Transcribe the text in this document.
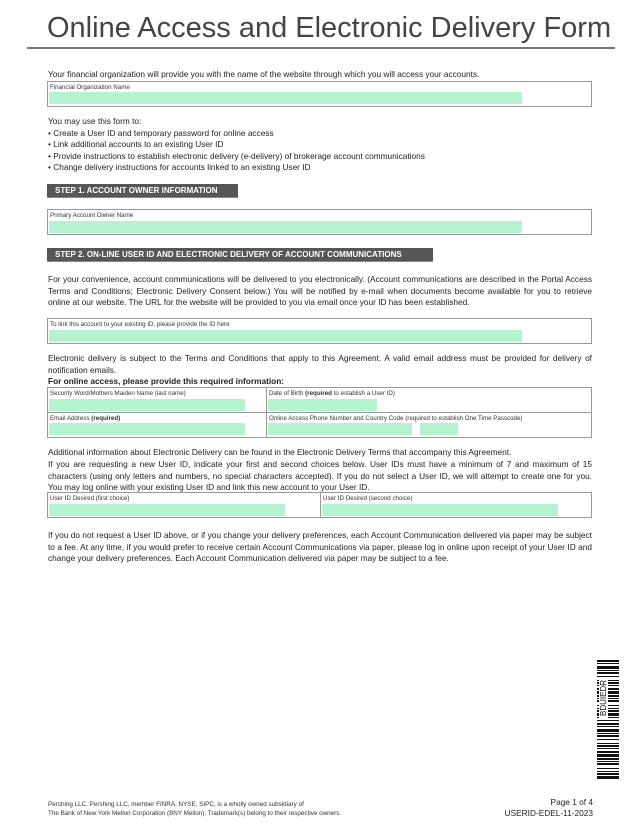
Online Access and Electronic Delivery Form

Your financial organization will provide you with the name of the website through which you will access your accounts.

Financial Organization Name

You may use this form to:

• Create a User ID and temporary password for online access
• Link additional accounts to an existing User ID
• Provide instructions to establish electronic delivery (e-delivery) of brokerage account communications
• Change delivery instructions for accounts linked to an existing User ID
STEP 1. ACCOUNT OWNER INFORMATION
Primary Account Owner Name
STEP 2. ON-LINE USER ID AND ELECTRONIC DELIVERY OF ACCOUNT COMMUNICATIONS

For your convenience, account communications will be delivered to you electronically. (Account communications are described in the Portal Access Terms and Conditions; Electronic Delivery Consent below.) You will be notified by e-mail when documents become available for you to retrieve online at our website. The URL for the website will be provided to you via email once your ID has been established.

To link this account to your existing ID, please provide the ID here

Electronic delivery is subject to the Terms and Conditions that apply to this Agreement. A valid email address must be provided for delivery of notification emails.

For online access, please provide this required information:

Security Word/Mothers Maiden Name (last name)	Date of Birth (required to establish a User ID)
Email Address (required)	Online Access Phone Number and Country Code (required to establish One Time Passcode)

Additional information about Electronic Delivery can be found in the Electronic Delivery Terms that accompany this Agreement.

If you are requesting a new User ID, indicate your first and second choices below. User IDs must have a minimum of 7 and maximum of 15 characters (using only letters and numbers, no special characters accepted). If you do not select a User ID, we will attempt to create one for you. You may log online with your existing User ID and link this new account to your User ID.

User ID Desired (first choice)	User ID Desired (second choice)

If you do not request a User ID above, or if you change your delivery preferences, each Account Communication delivered via paper may be subject to a fee. At any time, if you would prefer to receive certain Account Communications via paper, please log in online upon receipt of your User ID and change your delivery preferences. Each Account Communication delivered via paper may be subject to a fee.

BDUIEDR
Pershing LLC. Pershing LLC, member FINRA, NYSE, SIPC, is a wholly owned subsidiary of
The Bank of New York Mellon Corporation (BNY Mellon). Trademark(s) belong to their respective owners.
Page 1 of 4
USERID-EDEL-11-2023
